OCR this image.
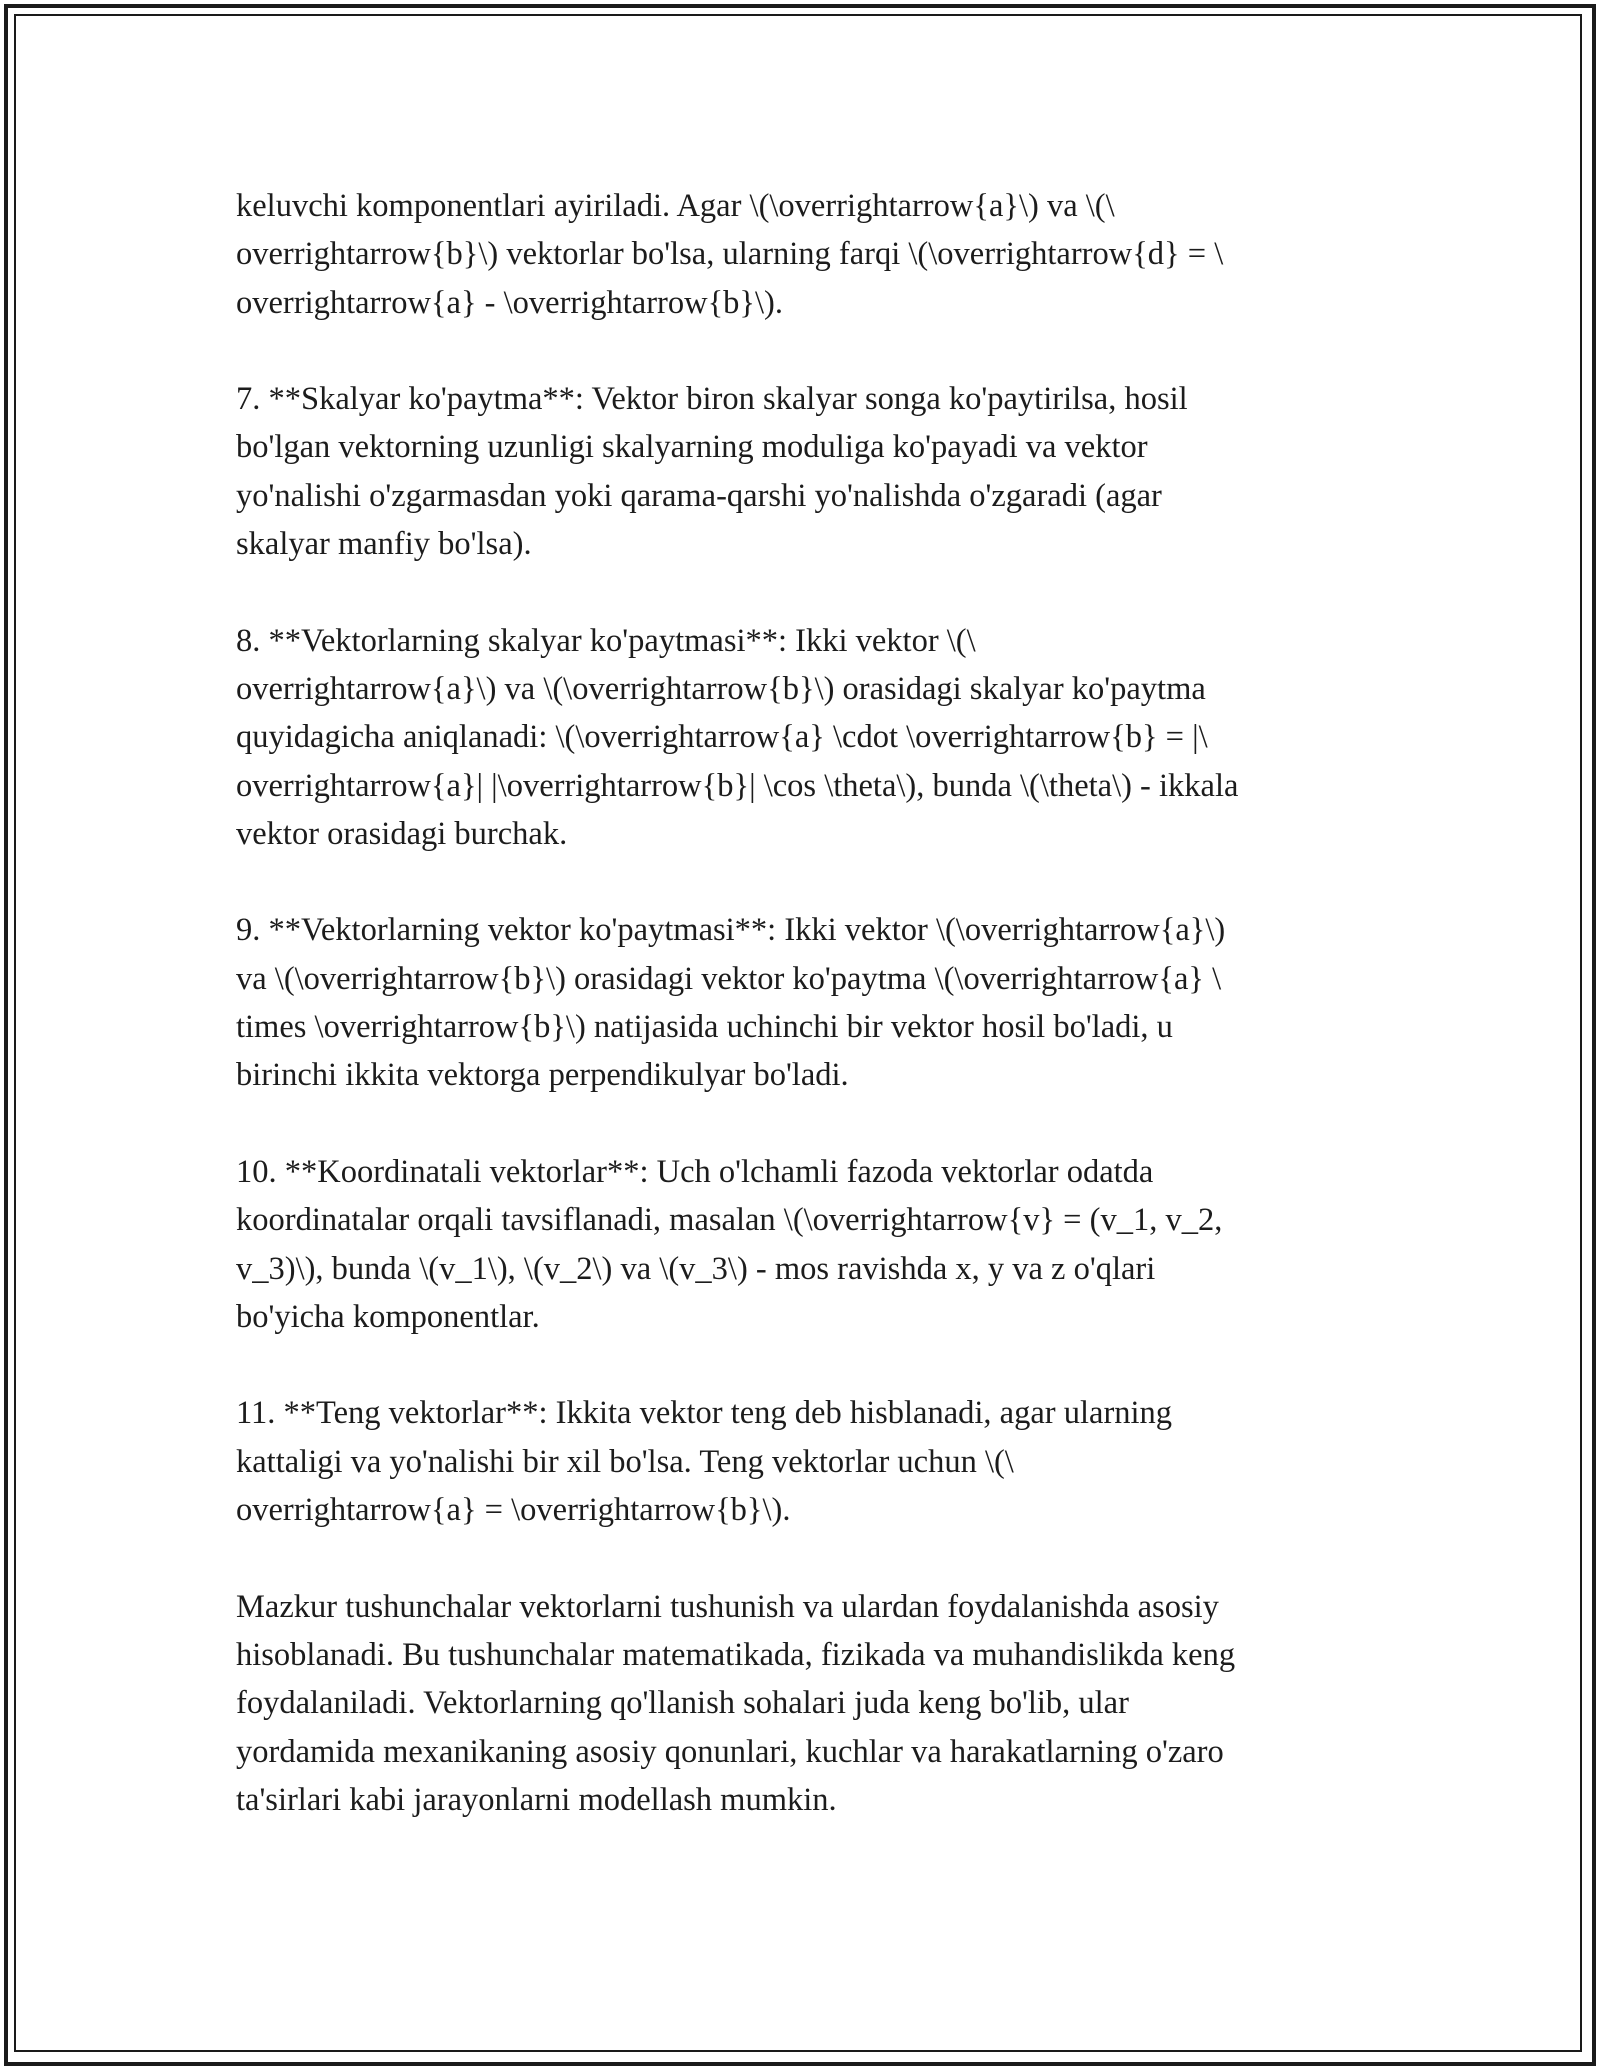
keluvchi komponentlari ayiriladi. Agar \(\overrightarrow{a}\) va \(\
overrightarrow{b}\) vektorlar bo'lsa, ularning farqi \(\overrightarrow{d} = \
overrightarrow{a} - \overrightarrow{b}\).

7. **Skalyar ko'paytma**: Vektor biron skalyar songa ko'paytirilsa, hosil
bo'lgan vektorning uzunligi skalyarning moduliga ko'payadi va vektor
yo'nalishi o'zgarmasdan yoki qarama-qarshi yo'nalishda o'zgaradi (agar
skalyar manfiy bo'lsa).

8. **Vektorlarning skalyar ko'paytmasi**: Ikki vektor \(\
overrightarrow{a}\) va \(\overrightarrow{b}\) orasidagi skalyar ko'paytma
quyidagicha aniqlanadi: \(\overrightarrow{a} \cdot \overrightarrow{b} = |\
overrightarrow{a}| |\overrightarrow{b}| \cos \theta\), bunda \(\theta\) - ikkala
vektor orasidagi burchak.

9. **Vektorlarning vektor ko'paytmasi**: Ikki vektor \(\overrightarrow{a}\)
va \(\overrightarrow{b}\) orasidagi vektor ko'paytma \(\overrightarrow{a} \
times \overrightarrow{b}\) natijasida uchinchi bir vektor hosil bo'ladi, u
birinchi ikkita vektorga perpendikulyar bo'ladi.

10. **Koordinatali vektorlar**: Uch o'lchamli fazoda vektorlar odatda
koordinatalar orqali tavsiflanadi, masalan \(\overrightarrow{v} = (v_1, v_2,
v_3)\), bunda \(v_1\), \(v_2\) va \(v_3\) - mos ravishda x, y va z o'qlari
bo'yicha komponentlar.

11. **Teng vektorlar**: Ikkita vektor teng deb hisblanadi, agar ularning
kattaligi va yo'nalishi bir xil bo'lsa. Teng vektorlar uchun \(\
overrightarrow{a} = \overrightarrow{b}\).

Mazkur tushunchalar vektorlarni tushunish va ulardan foydalanishda asosiy
hisoblanadi. Bu tushunchalar matematikada, fizikada va muhandislikda keng
foydalaniladi. Vektorlarning qo'llanish sohalari juda keng bo'lib, ular
yordamida mexanikaning asosiy qonunlari, kuchlar va harakatlarning o'zaro
ta'sirlari kabi jarayonlarni modellash mumkin.
